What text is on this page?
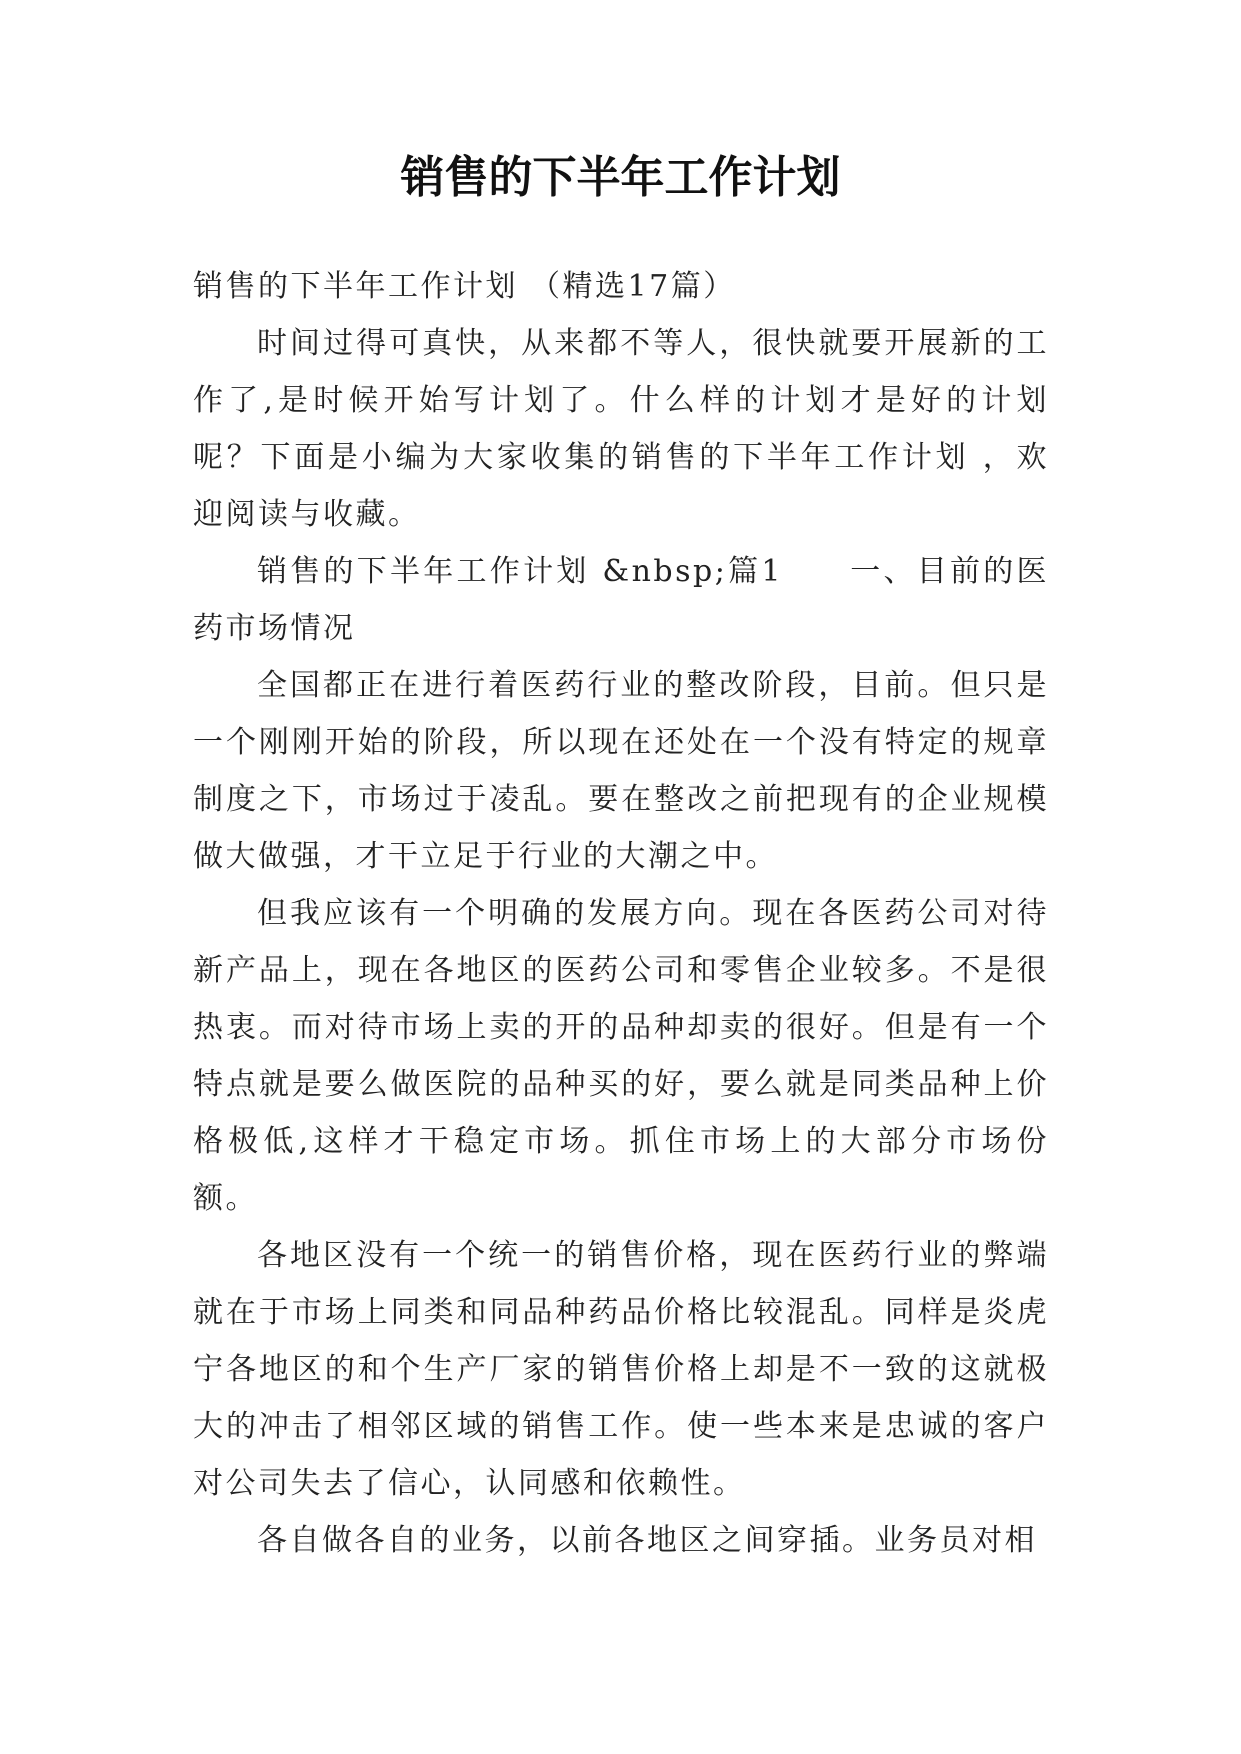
销售的下半年工作计划

销售的下半年工作计划 （精选17篇）

时间过得可真快，从来都不等人，很快就要开展新的工作了,是时候开始写计划了。什么样的计划才是好的计划呢？下面是小编为大家收集的销售的下半年工作计划 ，欢迎阅读与收藏。

销售的下半年工作计划 &nbsp;篇1　　一、目前的医药市场情况

全国都正在进行着医药行业的整改阶段，目前。但只是一个刚刚开始的阶段，所以现在还处在一个没有特定的规章制度之下，市场过于凌乱。要在整改之前把现有的企业规模做大做强，才干立足于行业的大潮之中。

但我应该有一个明确的发展方向。现在各医药公司对待新产品上，现在各地区的医药公司和零售企业较多。不是很热衷。而对待市场上卖的开的品种却卖的很好。但是有一个特点就是要么做医院的品种买的好，要么就是同类品种上价格极低,这样才干稳定市场。抓住市场上的大部分市场份额。

各地区没有一个统一的销售价格，现在医药行业的弊端就在于市场上同类和同品种药品价格比较混乱。同样是炎虎宁各地区的和个生产厂家的销售价格上却是不一致的这就极大的冲击了相邻区域的销售工作。使一些本来是忠诚的客户对公司失去了信心，认同感和依赖性。

各自做各自的业务，以前各地区之间穿插。业务员对相
